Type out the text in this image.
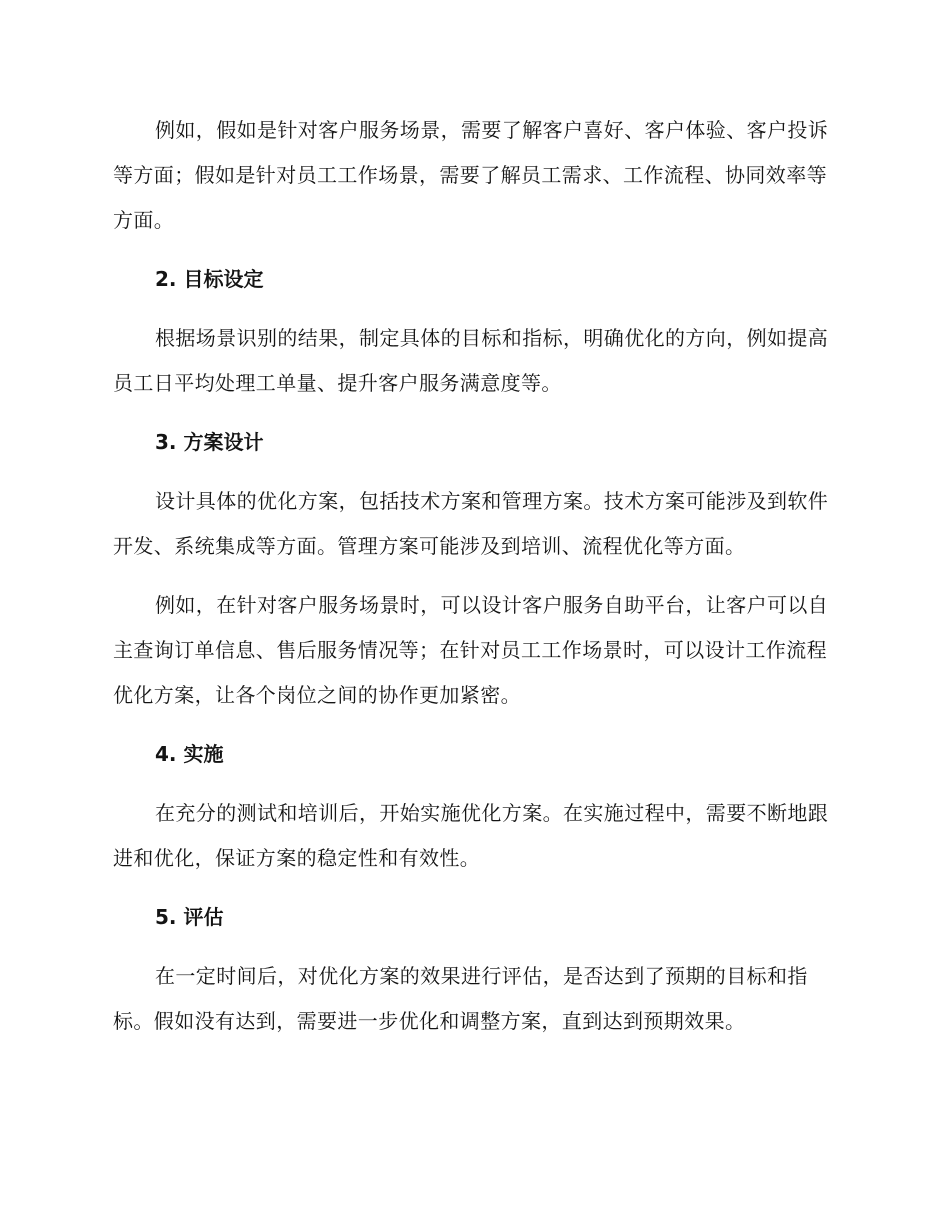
例如，假如是针对客户服务场景，需要了解客户喜好、客户体验、客户投诉等方面；假如是针对员工工作场景，需要了解员工需求、工作流程、协同效率等方面。

2. 目标设定

根据场景识别的结果，制定具体的目标和指标，明确优化的方向，例如提高员工日平均处理工单量、提升客户服务满意度等。

3. 方案设计

设计具体的优化方案，包括技术方案和管理方案。技术方案可能涉及到软件开发、系统集成等方面。管理方案可能涉及到培训、流程优化等方面。

例如，在针对客户服务场景时，可以设计客户服务自助平台，让客户可以自主查询订单信息、售后服务情况等；在针对员工工作场景时，可以设计工作流程优化方案，让各个岗位之间的协作更加紧密。

4. 实施

在充分的测试和培训后，开始实施优化方案。在实施过程中，需要不断地跟进和优化，保证方案的稳定性和有效性。

5. 评估

在一定时间后，对优化方案的效果进行评估，是否达到了预期的目标和指标。假如没有达到，需要进一步优化和调整方案，直到达到预期效果。
